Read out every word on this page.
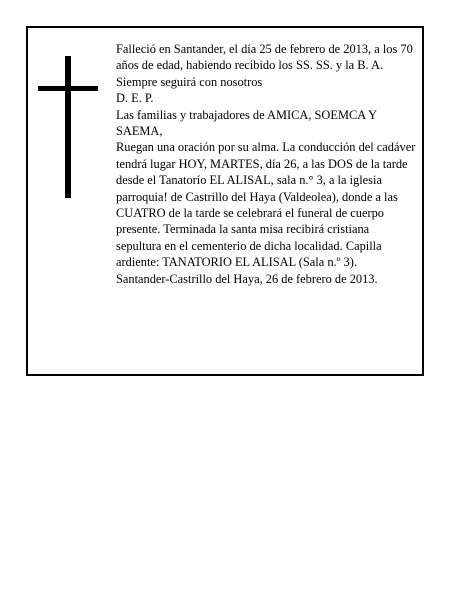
Falleció en Santander, el día 25 de febrero de 2013, a los 70 años de edad, habiendo recibido los SS. SS. y la B. A.

Siempre seguirá con nosotros

D. E. P.

Las familias y trabajadores de AMICA, SOEMCA Y SAEMA,

Ruegan una oración por su alma. La conducción del cadáver tendrá lugar HOY, MARTES, día 26, a las DOS de la tarde desde el Tanatorío EL ALISAL, sala n.° 3, a la iglesia parroquia! de Castrillo del Haya (Valdeolea), donde a las CUATRO de la tarde se celebrará el funeral de cuerpo presente. Terminada la santa misa recibirá cristiana sepultura en el cementerio de dicha localidad. Capilla ardiente: TANATORIO EL ALISAL (Sala n.º 3).

Santander-Castrillo del Haya, 26 de febrero de 2013.
